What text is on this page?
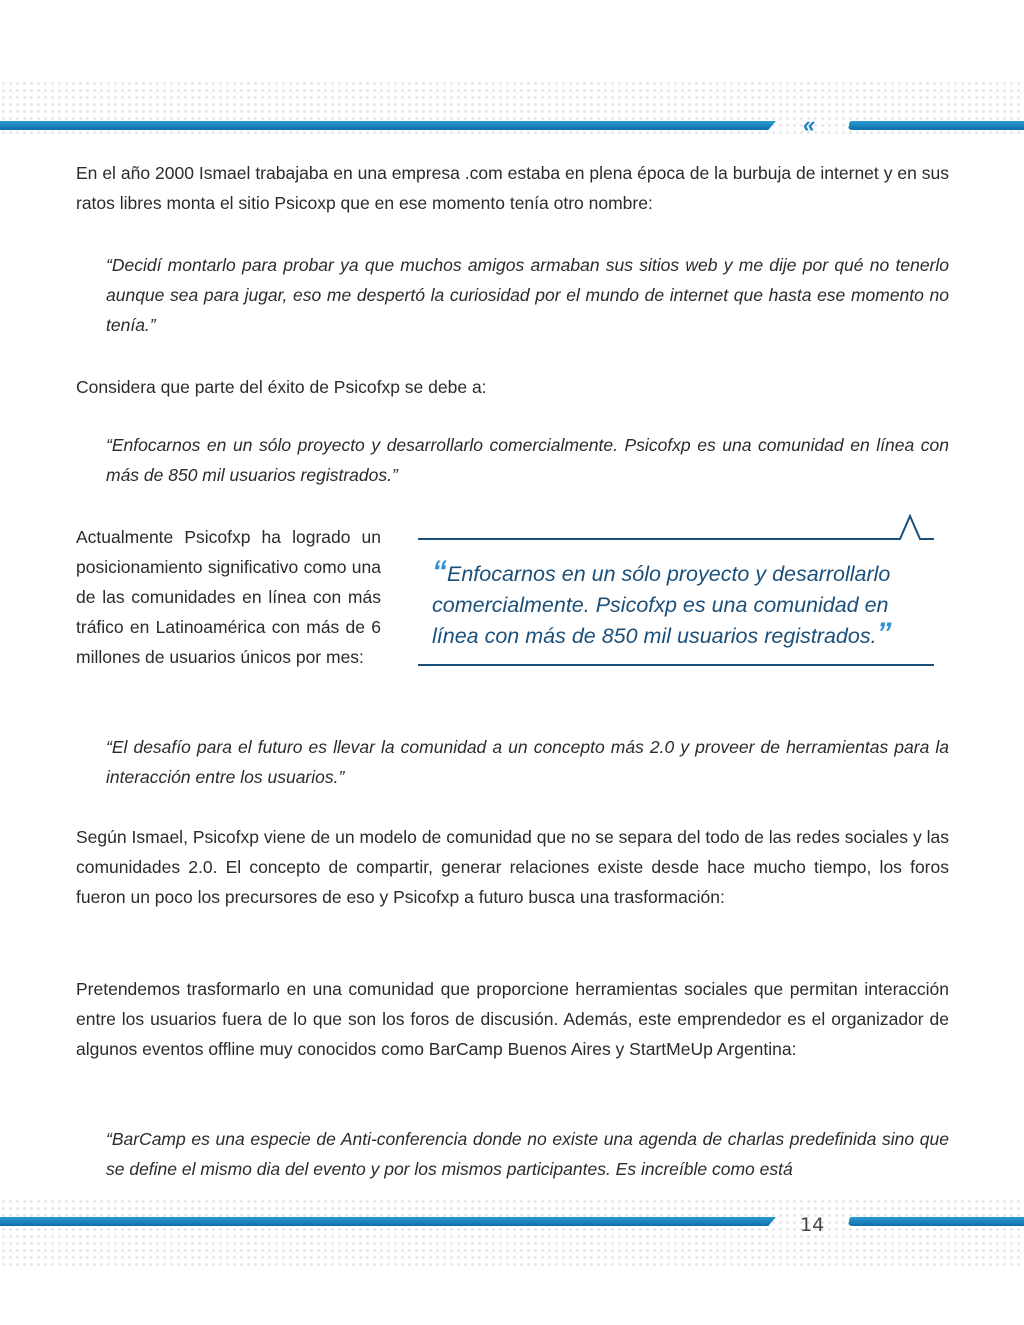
«

En el año 2000 Ismael trabajaba en una empresa .com estaba en plena época de la burbuja de internet y en sus ratos libres monta el sitio Psicoxp que en ese momento tenía otro nombre:

“Decidí montarlo para probar ya que muchos amigos armaban sus sitios web y me dije por qué no tenerlo aunque sea para jugar, eso me despertó la curiosidad por el mundo de internet que hasta ese momento no tenía.”

Considera que parte del éxito de Psicofxp se debe a:

“Enfocarnos en un sólo proyecto y desarrollarlo comercialmente. Psicofxp es una comunidad en línea con más de 850 mil usuarios registrados.”

Actualmente Psicofxp ha logrado un posicionamiento significativo como una de las comunidades en línea con más tráfico en Latinoamérica con más de 6 millones de usuarios únicos por mes:

“Enfocarnos en un sólo proyecto y desarrollarlo comercialmente. Psicofxp es una comunidad en línea con más de 850 mil usuarios registrados.”

“El desafío para el futuro es llevar la comunidad a un concepto más 2.0 y proveer de herramientas para la interacción entre los usuarios.”

Según Ismael, Psicofxp viene de un modelo de comunidad que no se separa del todo de las redes sociales y las comunidades 2.0. El concepto de compartir, generar relaciones existe desde hace mucho tiempo, los foros fueron un poco los precursores de eso y Psicofxp a futuro busca una trasformación:

Pretendemos trasformarlo en una comunidad que proporcione herramientas sociales que permitan interacción entre los usuarios fuera de lo que son los foros de discusión. Además, este emprendedor es el organizador de algunos eventos offline muy conocidos como BarCamp Buenos Aires y StartMeUp Argentina:

“BarCamp es una especie de Anti-conferencia donde no existe una agenda de charlas predefinida sino que se define el mismo dia del evento y por los mismos participantes. Es increíble como está

14
